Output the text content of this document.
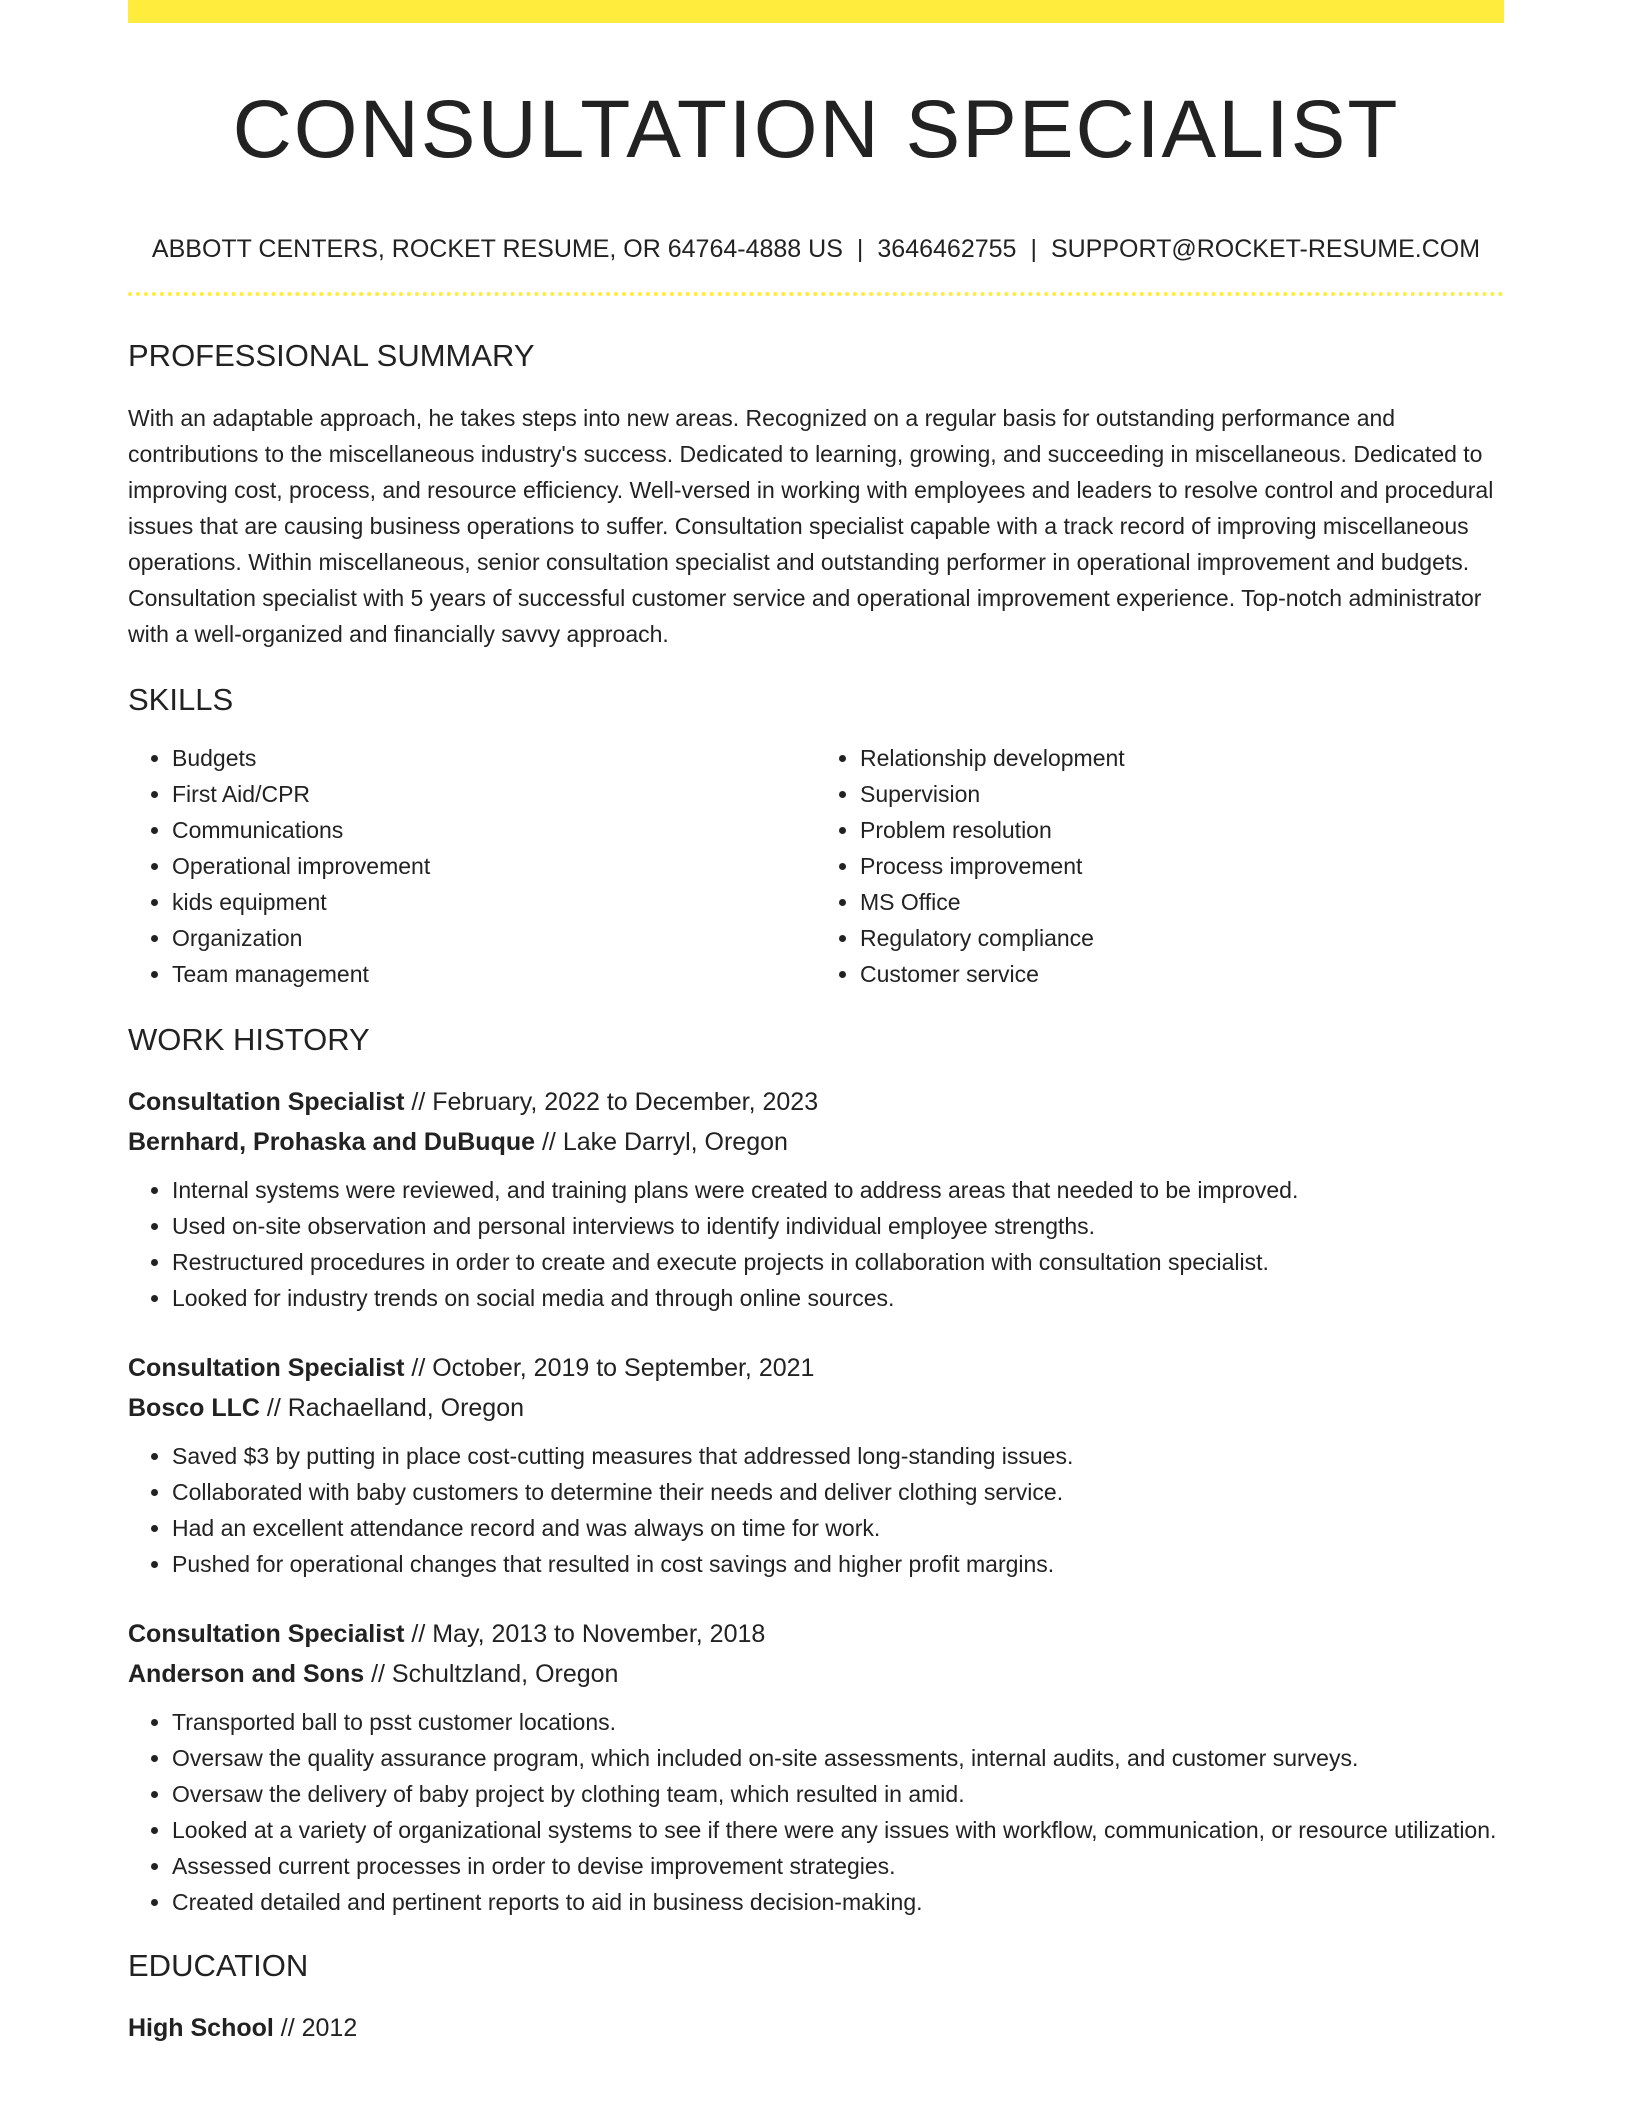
CONSULTATION SPECIALIST
ABBOTT CENTERS, ROCKET RESUME, OR 64764-4888 US | 3646462755 | SUPPORT@ROCKET-RESUME.COM
PROFESSIONAL SUMMARY

With an adaptable approach, he takes steps into new areas. Recognized on a regular basis for outstanding performance and contributions to the miscellaneous industry's success. Dedicated to learning, growing, and succeeding in miscellaneous. Dedicated to improving cost, process, and resource efficiency. Well-versed in working with employees and leaders to resolve control and procedural issues that are causing business operations to suffer. Consultation specialist capable with a track record of improving miscellaneous operations. Within miscellaneous, senior consultation specialist and outstanding performer in operational improvement and budgets. Consultation specialist with 5 years of successful customer service and operational improvement experience. Top-notch administrator with a well-organized and financially savvy approach.

SKILLS
• Budgets
• First Aid/CPR
• Communications
• Operational improvement
• kids equipment
• Organization
• Team management
• Relationship development
• Supervision
• Problem resolution
• Process improvement
• MS Office
• Regulatory compliance
• Customer service
WORK HISTORY
Consultation Specialist // February, 2022 to December, 2023
Bernhard, Prohaska and DuBuque // Lake Darryl, Oregon
• Internal systems were reviewed, and training plans were created to address areas that needed to be improved.
• Used on-site observation and personal interviews to identify individual employee strengths.
• Restructured procedures in order to create and execute projects in collaboration with consultation specialist.
• Looked for industry trends on social media and through online sources.
Consultation Specialist // October, 2019 to September, 2021
Bosco LLC // Rachaelland, Oregon
• Saved $3 by putting in place cost-cutting measures that addressed long-standing issues.
• Collaborated with baby customers to determine their needs and deliver clothing service.
• Had an excellent attendance record and was always on time for work.
• Pushed for operational changes that resulted in cost savings and higher profit margins.
Consultation Specialist // May, 2013 to November, 2018
Anderson and Sons // Schultzland, Oregon
• Transported ball to psst customer locations.
• Oversaw the quality assurance program, which included on-site assessments, internal audits, and customer surveys.
• Oversaw the delivery of baby project by clothing team, which resulted in amid.
• Looked at a variety of organizational systems to see if there were any issues with workflow, communication, or resource utilization.
• Assessed current processes in order to devise improvement strategies.
• Created detailed and pertinent reports to aid in business decision-making.
EDUCATION
High School // 2012
